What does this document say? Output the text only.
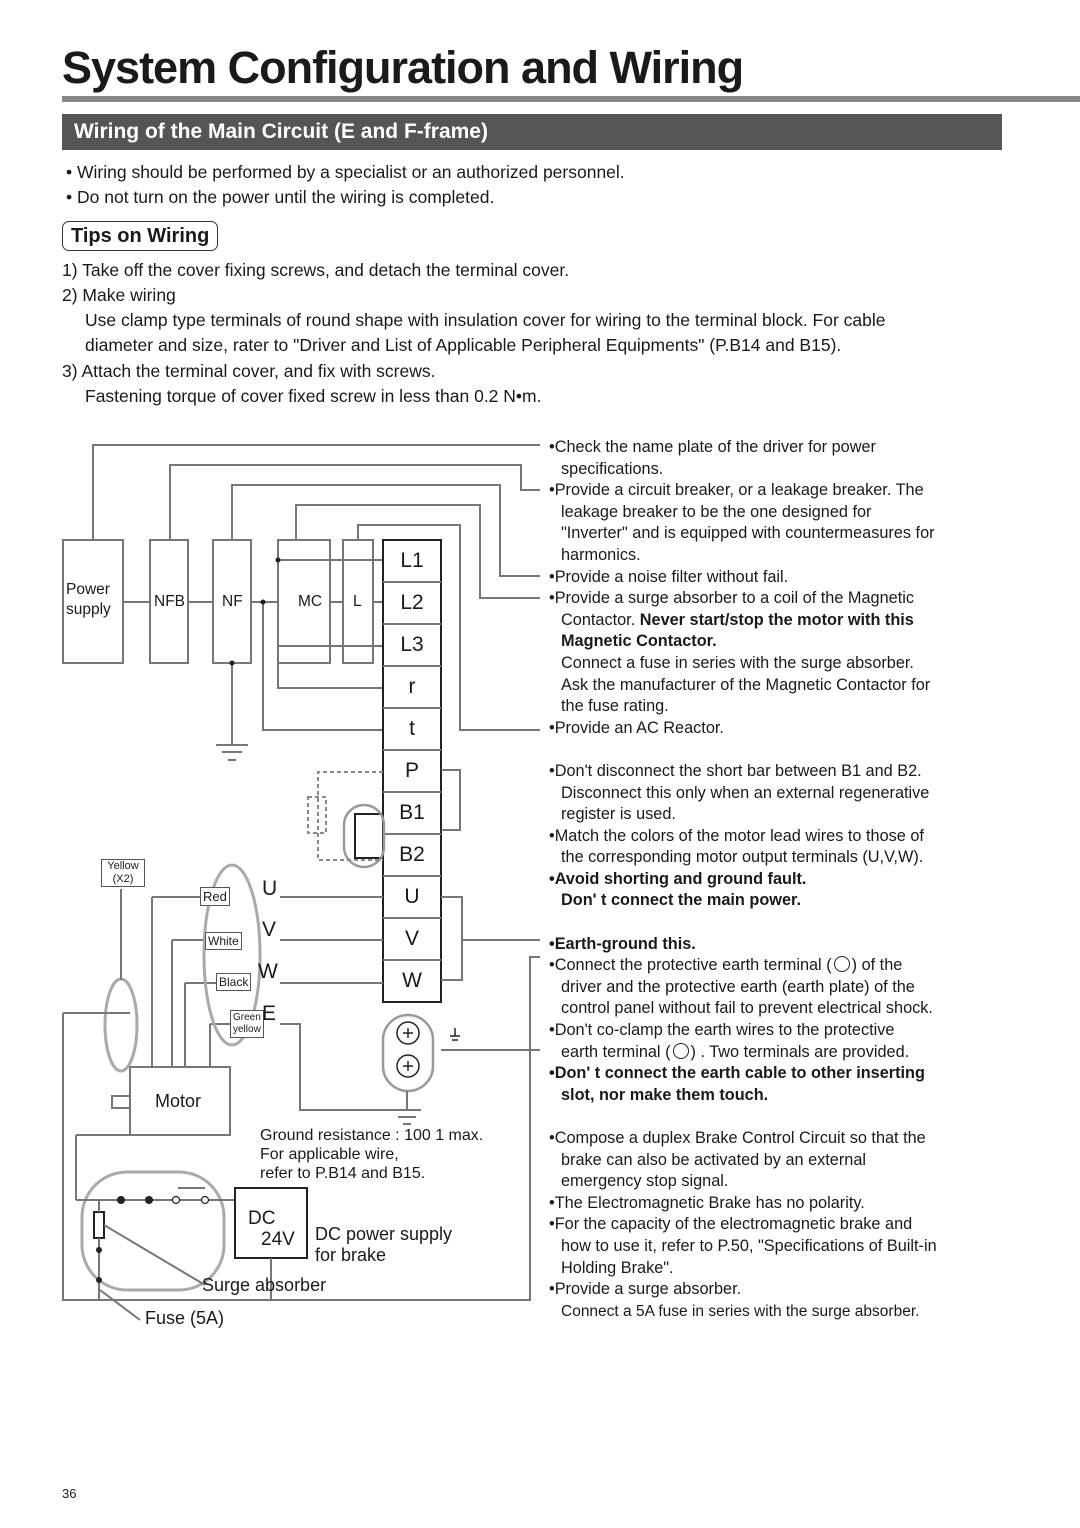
System Configuration and Wiring
Wiring of the Main Circuit (E and F-frame)
• Wiring should be performed by a specialist or an authorized personnel.
• Do not turn on the power until the wiring is completed.
Tips on Wiring
1) Take off the cover fixing screws, and detach the terminal cover.
2) Make wiring
Use clamp type terminals of round shape with insulation cover for wiring to the terminal block. For cable
diameter and size, rater to "Driver and List of Applicable Peripheral Equipments" (P.B14 and B15).
3) Attach the terminal cover, and fix with screws.
Fastening torque of cover fixed screw in less than 0.2 N•m.
Power
supply	NFB NF	MC L
L1
L2
L3
r
t
P
B1
B2
U
V
W
Yellow
(X2)
Red
White
Black
Green
yellow
U
V
W
E
Motor
Ground resistance : 100 1 max.
For applicable wire,
refer to P.B14 and B15.
DC
24V DC power supply
for brake
Surge absorber
Fuse (5A)
•Check the name plate of the driver for power
specifications.
•Provide a circuit breaker, or a leakage breaker. The
leakage breaker to be the one designed for
"Inverter" and is equipped with countermeasures for
harmonics.
•Provide a noise filter without fail.
•Provide a surge absorber to a coil of the Magnetic
Contactor. Never start/stop the motor with this
Magnetic Contactor.
Connect a fuse in series with the surge absorber.
Ask the manufacturer of the Magnetic Contactor for
the fuse rating.
•Provide an AC Reactor.
•Don't disconnect the short bar between B1 and B2.
Disconnect this only when an external regenerative
register is used.
•Match the colors of the motor lead wires to those of
the corresponding motor output terminals (U,V,W).
•Avoid shorting and ground fault.
Don' t connect the main power.
•Earth-ground this.
•Connect the protective earth terminal ( ) of the
driver and the protective earth (earth plate) of the
control panel without fail to prevent electrical shock.
•Don't co-clamp the earth wires to the protective
earth terminal ( ) . Two terminals are provided.
•Don' t connect the earth cable to other inserting
slot, nor make them touch.
•Compose a duplex Brake Control Circuit so that the
brake can also be activated by an external
emergency stop signal.
•The Electromagnetic Brake has no polarity.
•For the capacity of the electromagnetic brake and
how to use it, refer to P.50, "Specifications of Built-in
Holding Brake".
•Provide a surge absorber.
Connect a 5A fuse in series with the surge absorber.
36
